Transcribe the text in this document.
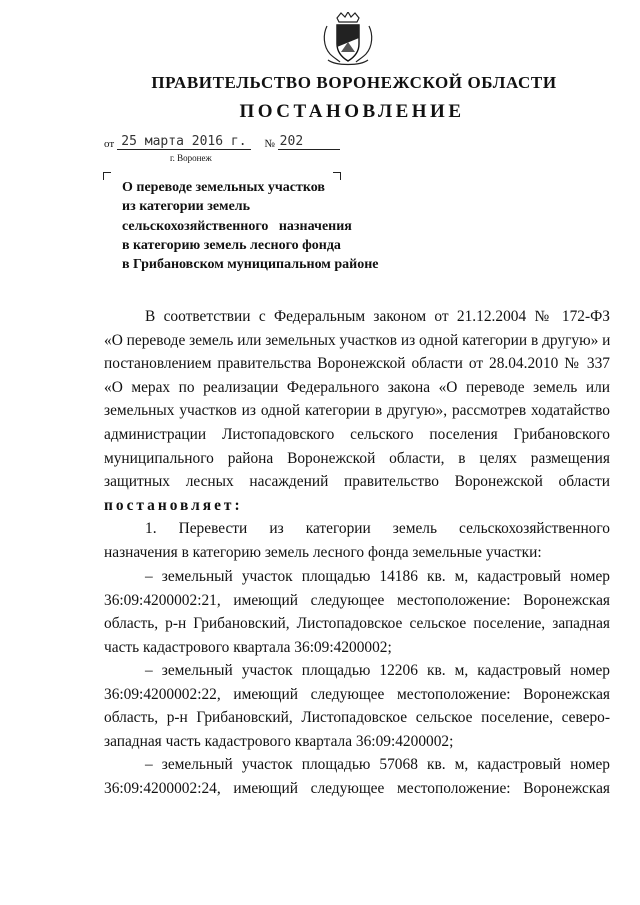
ПРАВИТЕЛЬСТВО ВОРОНЕЖСКОЙ ОБЛАСТИ
ПОСТАНОВЛЕНИЕ
от 25 марта 2016 г. № 202
г. Воронеж
О переводе земельных участков
из категории земель
сельскохозяйственного   назначения
в категорию земель лесного фонда
в Грибановском муниципальном районе
В соответствии с Федеральным законом от 21.12.2004 № 172-ФЗ
«О переводе земель или земельных участков из одной категории в другую» и
постановлением правительства Воронежской области от 28.04.2010 № 337
«О мерах по реализации Федерального закона «О переводе земель или
земельных участков из одной категории в другую», рассмотрев ходатайство
администрации Листопадовского сельского поселения Грибановского
муниципального района Воронежской области, в целях размещения
защитных лесных насаждений правительство Воронежской области
постановляет:
1. Перевести из категории земель сельскохозяйственного
назначения в категорию земель лесного фонда земельные участки:
– земельный участок площадью 14186 кв. м, кадастровый номер
36:09:4200002:21, имеющий следующее местоположение: Воронежская
область, р-н Грибановский, Листопадовское сельское поселение, западная
часть кадастрового квартала 36:09:4200002;
– земельный участок площадью 12206 кв. м, кадастровый номер
36:09:4200002:22, имеющий следующее местоположение: Воронежская
область, р-н Грибановский, Листопадовское сельское поселение, северо-
западная часть кадастрового квартала 36:09:4200002;
– земельный участок площадью 57068 кв. м, кадастровый номер
36:09:4200002:24, имеющий следующее местоположение: Воронежская
